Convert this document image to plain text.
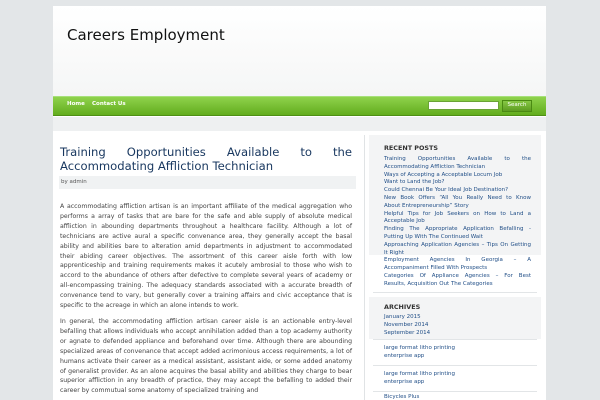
Careers Employment
Home Contact Us	Search
Training Opportunities Available to the
Accommodating Affliction Technician
by admin

A accommodating affliction artisan is an important affiliate of the medical aggregation who performs a array of tasks that are bare for the safe and able supply of absolute medical affliction in abounding departments throughout a healthcare facility. Although a lot of technicians are active aural a specific convenance area, they generally accept the basal ability and abilities bare to alteration amid departments in adjustment to accommodated their abiding career objectives. The assortment of this career aisle forth with low apprenticeship and training requirements makes it acutely ambrosial to those who wish to accord to the abundance of others after defective to complete several years of academy or all-encompassing training. The adequacy standards associated with a accurate breadth of convenance tend to vary, but generally cover a training affairs and civic acceptance that is specific to the acreage in which an alone intends to work.

In general, the accommodating affliction artisan career aisle is an actionable entry-level befalling that allows individuals who accept annihilation added than a top academy authority or agnate to defended appliance and beforehand over time. Although there are abounding specialized areas of convenance that accept added acrimonious access requirements, a lot of humans activate their career as a medical assistant, assistant aide, or some added anatomy of generalist provider. As an alone acquires the basal ability and abilities they charge to bear superior affliction in any breadth of practice, they may accept the befalling to added their career by commutual some anatomy of specialized training and

RECENT POSTS
Training Opportunities Available to the
Accommodating Affliction Technician
Ways of Accepting a Acceptable Locum Job
Want to Land the Job?
Could Chennai Be Your Ideal Job Destination?
New Book Offers “All You Really Need to Know
About Entrepreneurship” Story
Helpful Tips for Job Seekers on How to Land a
Acceptable Job
Finding The Appropriate Application Befalling -
Putting Up With The Continued Wait
Approaching Application Agencies – Tips On Getting
It Right
Employment Agencies In Georgia – A
Accompaniment Filled With Prospects
Categories Of Appliance Agencies – For Best
Results, Acquisition Out The Categories
ARCHIVES
January 2015
November 2014
September 2014
large format litho printing
enterprise app
large format litho printing
enterprise app
Bicycles Plus
